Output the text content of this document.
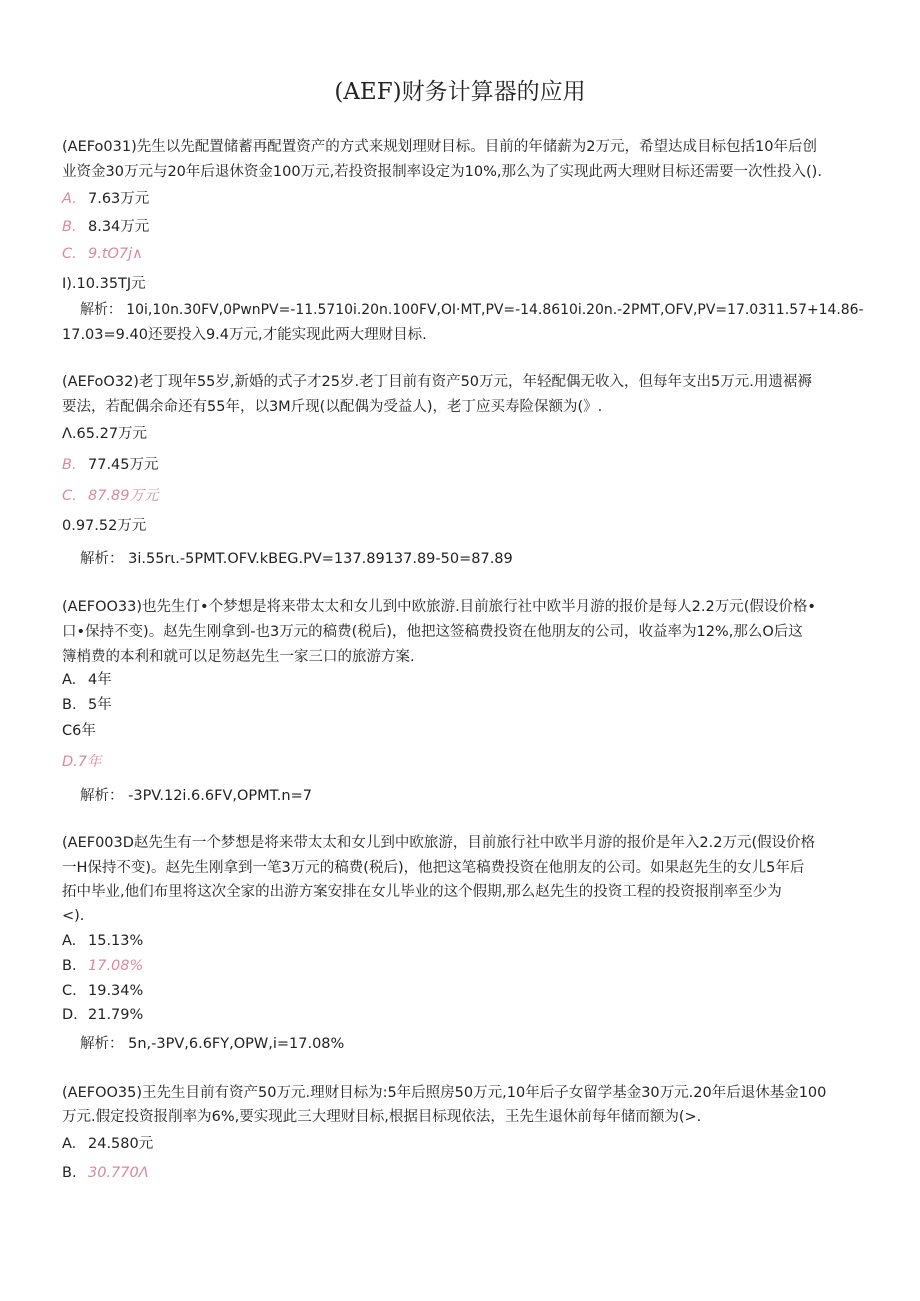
(AEF)财务计算器的应用
(AEFo031)先生以先配置储蓄再配置资产的方式来规划理财目标。目前的年储薪为2万元，希望达成目标包括10年后创
业资金30万元与20年后退休资金100万元,若投资报制率设定为10%,那么为了实现此两大理财目标还需要一次性投入().
A. 7.63万元
B. 8.34万元
C. 9.tO7j∧
I).10.35TJ元
解析： 10i,10n.30FV,0PwnPV=-11.5710i.20n.100FV,OI·MT,PV=-14.8610i.20n.-2PMT,OFV,PV=17.0311.57+14.86-
17.03=9.40还要投入9.4万元,才能实现此两大理财目标.
(AEFoO32)老丁现年55岁,新婚的式子才25岁.老丁目前有资产50万元，年轻配偶无收入，但每年支出5万元.用遗裾褥
要法，若配偶余命还有55年，以3M斤现(以配偶为受益人)，老丁应买寿险保额为(》.
Λ.65.27万元
B. 77.45万元
C. 87.89万元
0.97.52万元
解析： 3i.55rι.-5PMT.OFV.kBEG.PV=137.89137.89-50=87.89
(AEFOO33)也先生仃•个梦想是将来带太太和女儿到中欧旅游.目前旅行社中欧半月游的报价是每人2.2万元(假设价格•
口•保持不变)。赵先生刚拿到-也3万元的稿费(税后)，他把这签稿费投资在他朋友的公司，收益率为12%,那么O后这
簿梢费的本利和就可以足笏赵先生一家三口的旅游方案.
A. 4年
B. 5年
C6年
D.7年
解析： -3PV.12i.6.6FV,OPMT.n=7
(AEF003D赵先生有一个梦想是将来带太太和女儿到中欧旅游，目前旅行社中欧半月游的报价是年入2.2万元(假设价格
一H保持不变)。赵先生刚拿到一笔3万元的稿费(税后)，他把这笔稿费投资在他朋友的公司。如果赵先生的女儿5年后
拓中毕业,他们布里将这次全家的出游方案安排在女儿毕业的这个假期,那么赵先生的投资工程的投资报削率至少为
<).
A. 15.13%
B. 17.08%
C. 19.34%
D. 21.79%
解析： 5n,-3PV,6.6FY,OPW,i=17.08%
(AEFOO35)王先生目前有资产50万元.理财目标为:5年后照房50万元,10年后子女留学基金30万元.20年后退休基金100
万元.假定投资报削率为6%,要实现此三大理财目标,根据目标现依法，王先生退休前每年储而额为(>.
A. 24.580元
B. 30.770Λ
